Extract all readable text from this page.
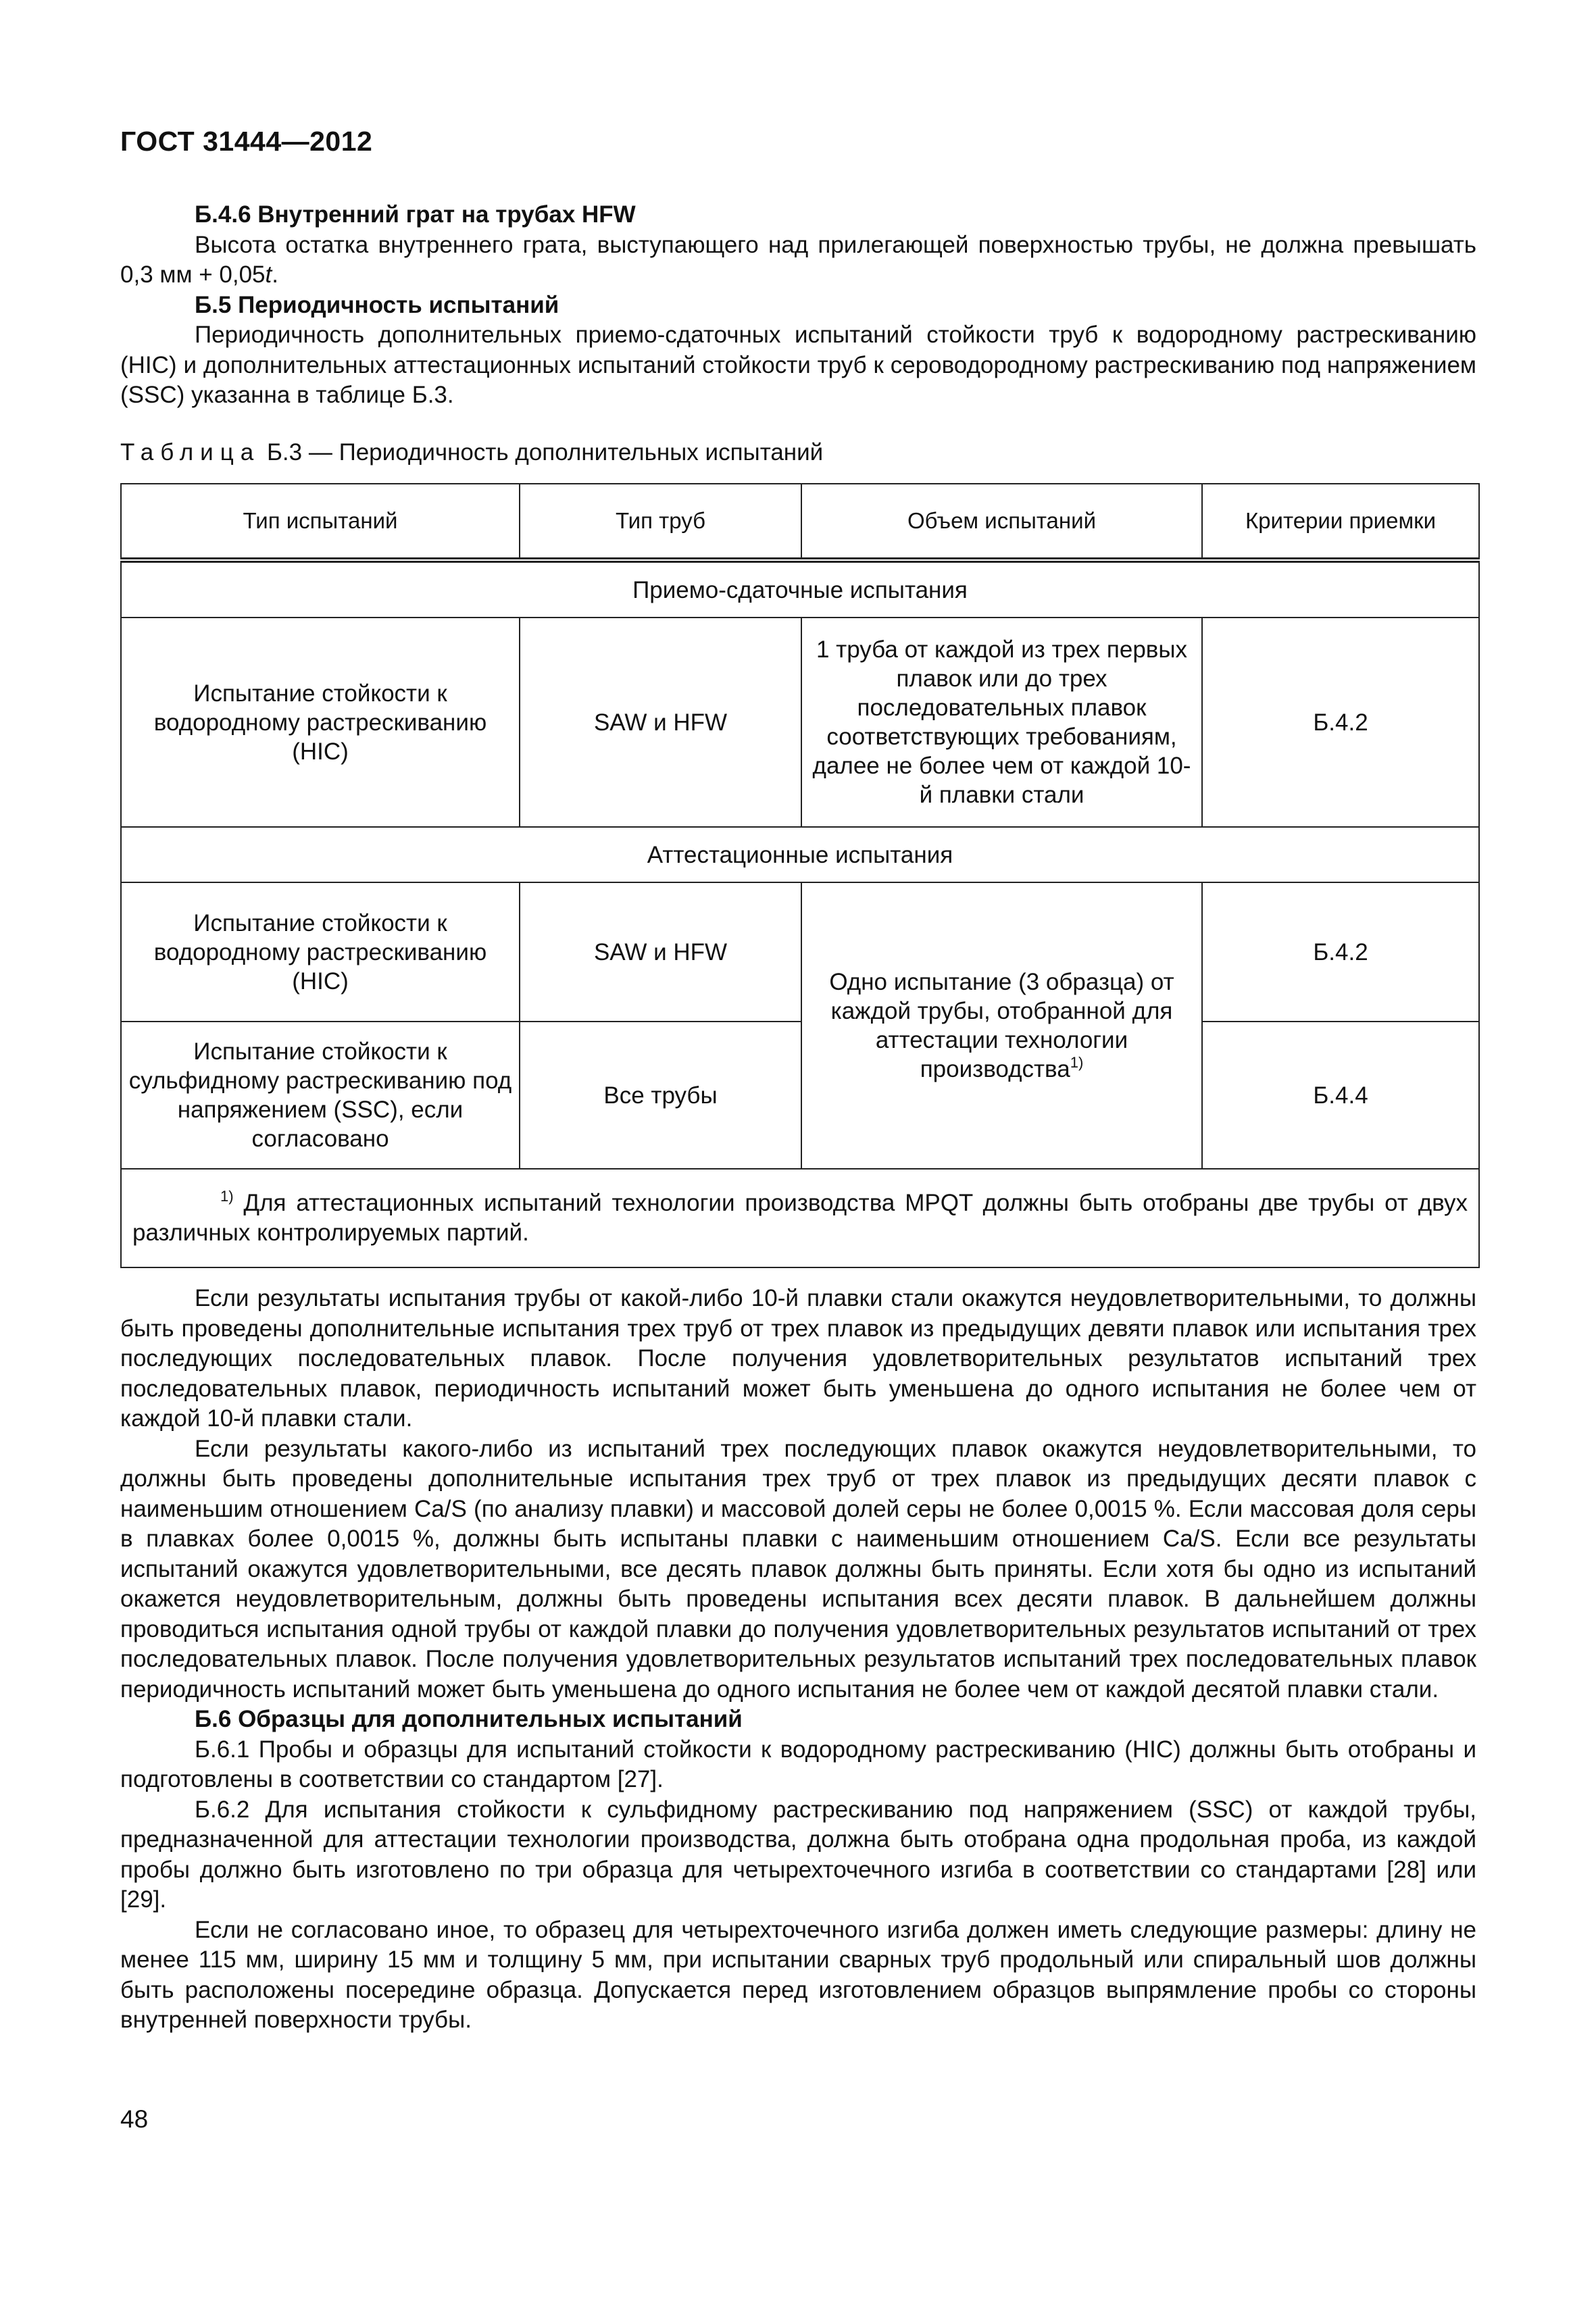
ГОСТ 31444—2012

Б.4.6 Внутренний грат на трубах HFW

Высота остатка внутреннего грата, выступающего над прилегающей поверхностью трубы, не должна превышать 0,3 мм + 0,05t.

Б.5 Периодичность испытаний

Периодичность дополнительных приемо-сдаточных испытаний стойкости труб к водородному растрескиванию (HIC) и дополнительных аттестационных испытаний стойкости труб к сероводородному растрескиванию под напряжением (SSC) указанна в таблице Б.3.

Таблица Б.3 — Периодичность дополнительных испытаний
Тип испытаний	Тип труб	Объем испытаний	Критерии приемки
Приемо-сдаточные испытания			
Испытание стойкости к водородному растрескиванию (HIC)	SAW и HFW	1 труба от каждой из трех первых плавок или до трех последовательных плавок соответствующих требованиям, далее не более чем от каждой 10-й плавки стали	Б.4.2
Аттестационные испытания			
Испытание стойкости к водородному растрескиванию (HIC)	SAW и HFW	Одно испытание (3 образца) от каждой трубы, отобранной для аттестации технологии производства$^{1)}$	Б.4.2
Испытание стойкости к сульфидному растрескиванию под напряжением (SSC), если согласовано	Все трубы		Б.4.4
$^{1)}$ Для аттестационных испытаний технологии производства MPQT должны быть отобраны две трубы от двух различных контролируемых партий.			

Если результаты испытания трубы от какой-либо 10-й плавки стали окажутся неудовлетворительными, то должны быть проведены дополнительные испытания трех труб от трех плавок из предыдущих девяти плавок или испытания трех последующих последовательных плавок. После получения удовлетворительных результатов испытаний трех последовательных плавок, периодичность испытаний может быть уменьшена до одного испытания не более чем от каждой 10-й плавки стали.

Если результаты какого-либо из испытаний трех последующих плавок окажутся неудовлетворительными, то должны быть проведены дополнительные испытания трех труб от трех плавок из предыдущих десяти плавок с наименьшим отношением Ca/S (по анализу плавки) и массовой долей серы не более 0,0015 %. Если массовая доля серы в плавках более 0,0015 %, должны быть испытаны плавки с наименьшим отношением Ca/S. Если все результаты испытаний окажутся удовлетворительными, все десять плавок должны быть приняты. Если хотя бы одно из испытаний окажется неудовлетворительным, должны быть проведены испытания всех десяти плавок. В дальнейшем должны проводиться испытания одной трубы от каждой плавки до получения удовлетворительных результатов испытаний от трех последовательных плавок. После получения удовлетворительных результатов испытаний трех последовательных плавок периодичность испытаний может быть уменьшена до одного испытания не более чем от каждой десятой плавки стали.

Б.6 Образцы для дополнительных испытаний

Б.6.1 Пробы и образцы для испытаний стойкости к водородному растрескиванию (HIC) должны быть отобраны и подготовлены в соответствии со стандартом [27].

Б.6.2 Для испытания стойкости к сульфидному растрескиванию под напряжением (SSC) от каждой трубы, предназначенной для аттестации технологии производства, должна быть отобрана одна продольная проба, из каждой пробы должно быть изготовлено по три образца для четырехточечного изгиба в соответствии со стандартами [28] или [29].

Если не согласовано иное, то образец для четырехточечного изгиба должен иметь следующие размеры: длину не менее 115 мм, ширину 15 мм и толщину 5 мм, при испытании сварных труб продольный или спиральный шов должны быть расположены посередине образца. Допускается перед изготовлением образцов выпрямление пробы со стороны внутренней поверхности трубы.

48
